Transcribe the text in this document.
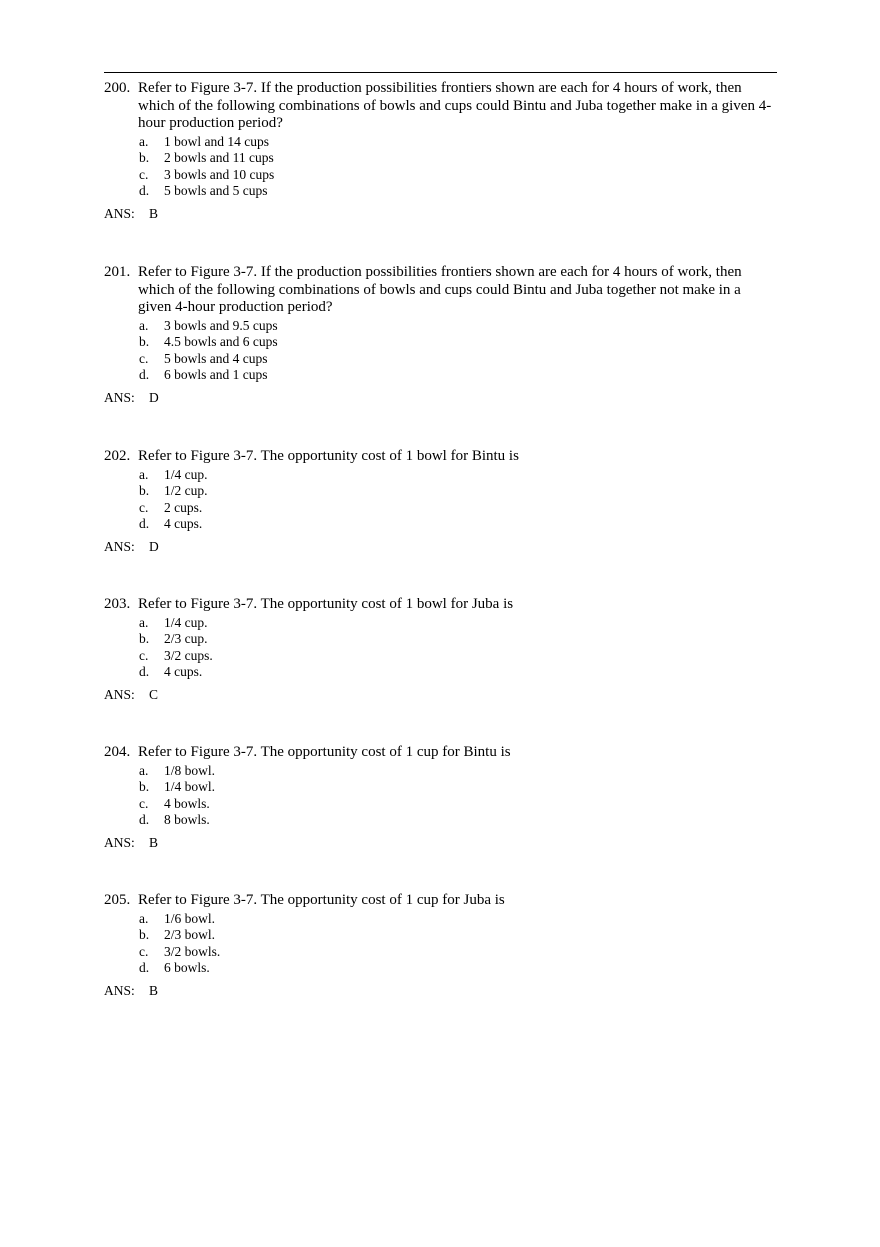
200. Refer to Figure 3-7. If the production possibilities frontiers shown are each for 4 hours of work, then which of the following combinations of bowls and cups could Bintu and Juba together make in a given 4-hour production period?
a. 1 bowl and 14 cups
b. 2 bowls and 11 cups
c. 3 bowls and 10 cups
d. 5 bowls and 5 cups
ANS: B
201. Refer to Figure 3-7. If the production possibilities frontiers shown are each for 4 hours of work, then which of the following combinations of bowls and cups could Bintu and Juba together not make in a given 4-hour production period?
a. 3 bowls and 9.5 cups
b. 4.5 bowls and 6 cups
c. 5 bowls and 4 cups
d. 6 bowls and 1 cups
ANS: D
202. Refer to Figure 3-7. The opportunity cost of 1 bowl for Bintu is
a. 1/4 cup.
b. 1/2 cup.
c. 2 cups.
d. 4 cups.
ANS: D
203. Refer to Figure 3-7. The opportunity cost of 1 bowl for Juba is
a. 1/4 cup.
b. 2/3 cup.
c. 3/2 cups.
d. 4 cups.
ANS: C
204. Refer to Figure 3-7. The opportunity cost of 1 cup for Bintu is
a. 1/8 bowl.
b. 1/4 bowl.
c. 4 bowls.
d. 8 bowls.
ANS: B
205. Refer to Figure 3-7. The opportunity cost of 1 cup for Juba is
a. 1/6 bowl.
b. 2/3 bowl.
c. 3/2 bowls.
d. 6 bowls.
ANS: B
